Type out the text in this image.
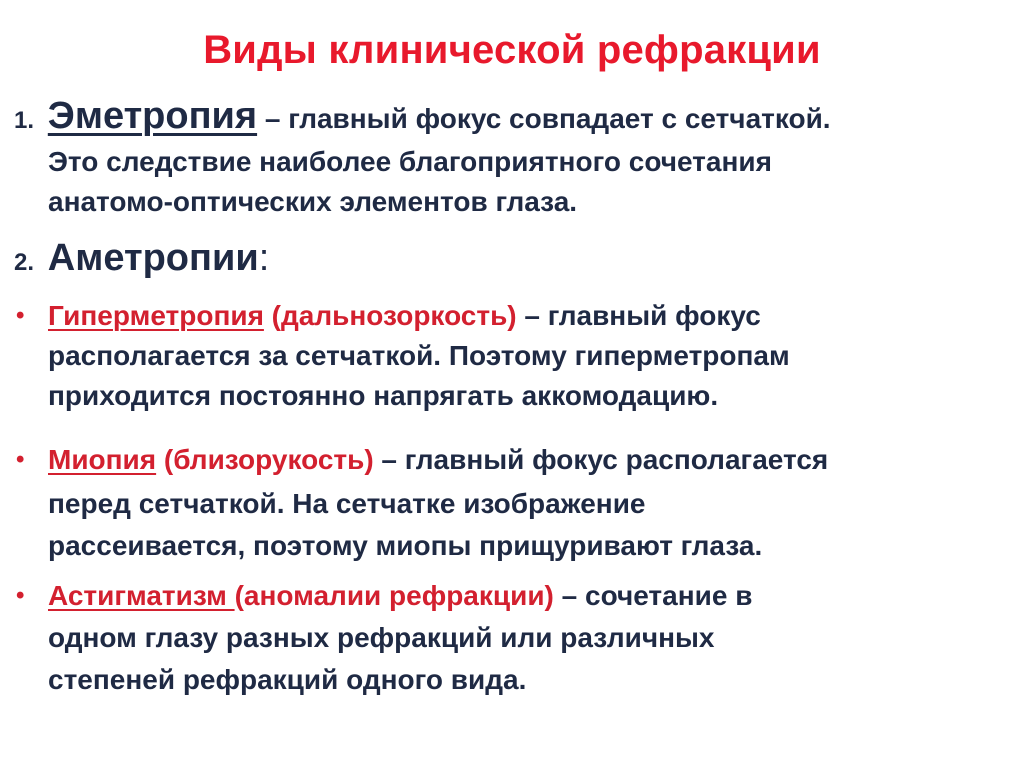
Виды клинической рефракции
1. Эметропия – главный фокус совпадает с сетчаткой.
Это следствие наиболее благоприятного сочетания
анатомо-оптических элементов глаза.
2. Аметропии:
• Гиперметропия (дальнозоркость) – главный фокус
располагается за сетчаткой. Поэтому гиперметропам
приходится постоянно напрягать аккомодацию.
• Миопия (близорукость) – главный фокус располагается
перед сетчаткой. На сетчатке изображение
рассеивается, поэтому миопы прищуривают глаза.
• Астигматизм (аномалии рефракции) – сочетание в
одном глазу разных рефракций или различных
степеней рефракций одного вида.
